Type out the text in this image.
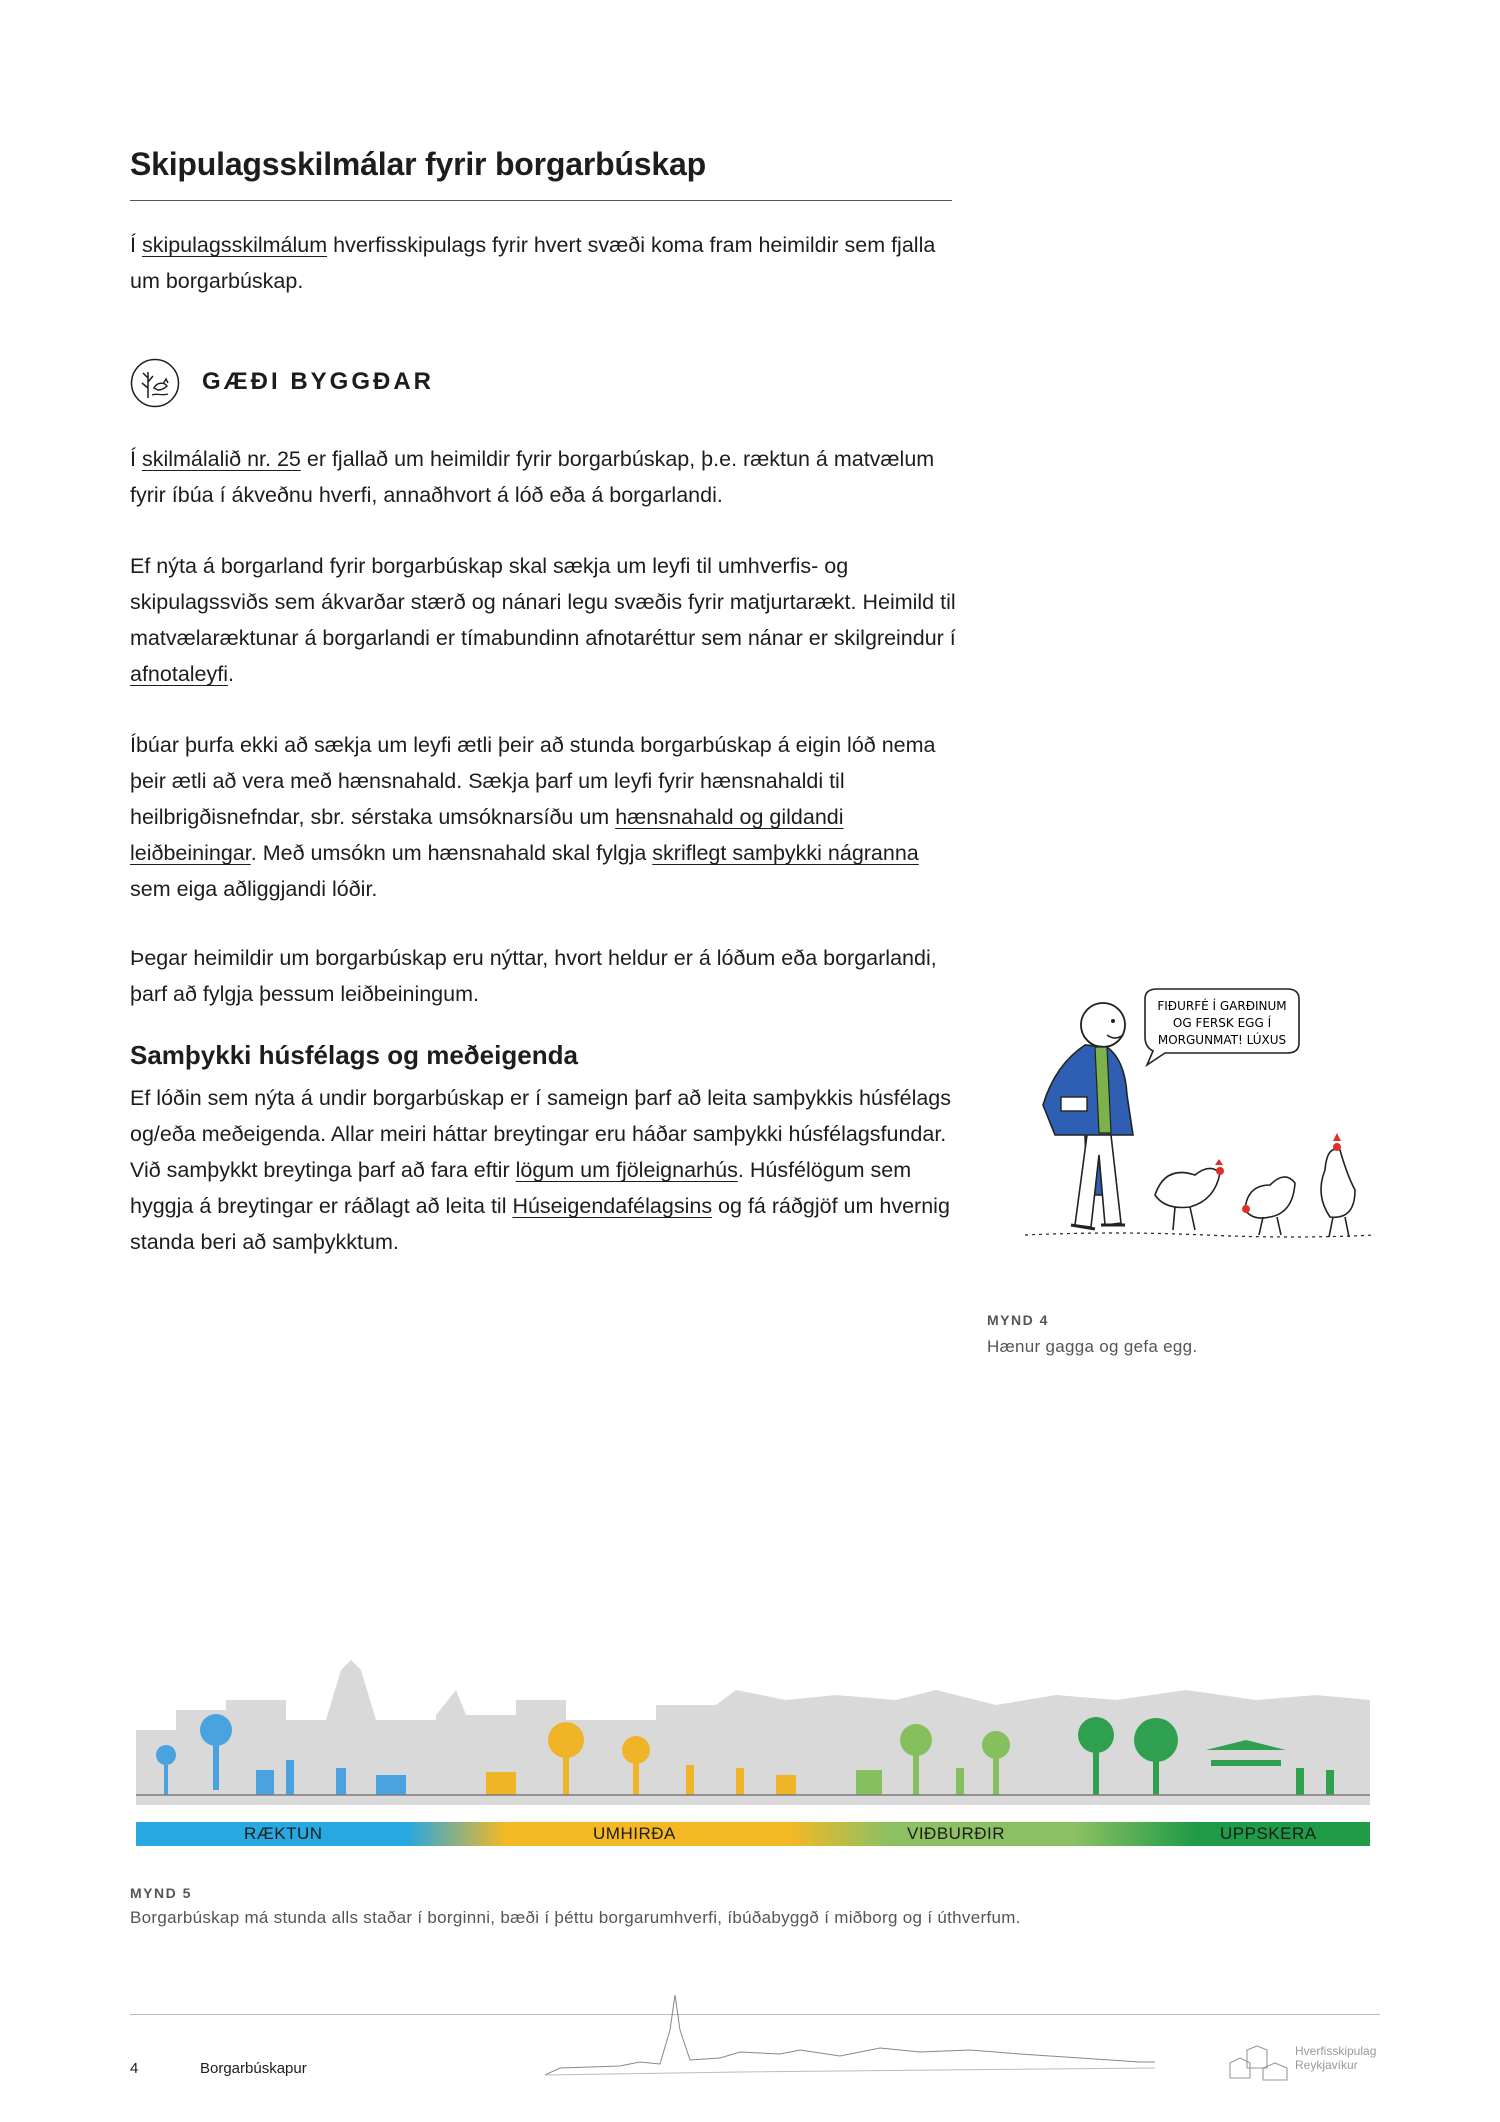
Skipulagsskilmálar fyrir borgarbúskap

Í skipulagsskilmálum hverfisskipulags fyrir hvert svæði koma fram heimildir sem fjalla um borgarbúskap.

GÆÐI BYGGÐAR

Í skilmálalið nr. 25 er fjallað um heimildir fyrir borgarbúskap, þ.e. ræktun á matvælum fyrir íbúa í ákveðnu hverfi, annaðhvort á lóð eða á borgarlandi.

Ef nýta á borgarland fyrir borgarbúskap skal sækja um leyfi til umhverfis- og skipulagssviðs sem ákvarðar stærð og nánari legu svæðis fyrir matjurtarækt. Heimild til matvælaræktunar á borgarlandi er tímabundinn afnotaréttur sem nánar er skilgreindur í afnotaleyfi.

Íbúar þurfa ekki að sækja um leyfi ætli þeir að stunda borgarbúskap á eigin lóð nema þeir ætli að vera með hænsnahald. Sækja þarf um leyfi fyrir hænsnahaldi til heilbrigðisnefndar, sbr. sérstaka umsóknarsíðu um hænsnahald og gildandi leiðbeiningar. Með umsókn um hænsnahald skal fylgja skriflegt samþykki nágranna sem eiga aðliggjandi lóðir.

Þegar heimildir um borgarbúskap eru nýttar, hvort heldur er á lóðum eða borgarlandi, þarf að fylgja þessum leiðbeiningum.

Samþykki húsfélags og meðeigenda

Ef lóðin sem nýta á undir borgarbúskap er í sameign þarf að leita samþykkis húsfélags og/eða meðeigenda. Allar meiri háttar breytingar eru háðar samþykki húsfélagsfundar. Við samþykkt breytinga þarf að fara eftir lögum um fjöleignarhús. Húsfélögum sem hyggja á breytingar er ráðlagt að leita til Húseigendafélagsins og fá ráðgjöf um hvernig standa beri að samþykktum.

FIÐURFÉ Í GARÐINUM
OG FERSK EGG Í
MORGUNMAT! LÚXUS
MYND 4
Hænur gagga og gefa egg.
RÆKTUN	UMHIRÐA	VIÐBURÐIR	UPPSKERA
MYND 5
Borgarbúskap má stunda alls staðar í borginni, bæði í þéttu borgarumhverfi, íbúðabyggð í miðborg og í úthverfum.
4	Borgarbúskapur
Hverfisskipulag
Reykjavíkur
